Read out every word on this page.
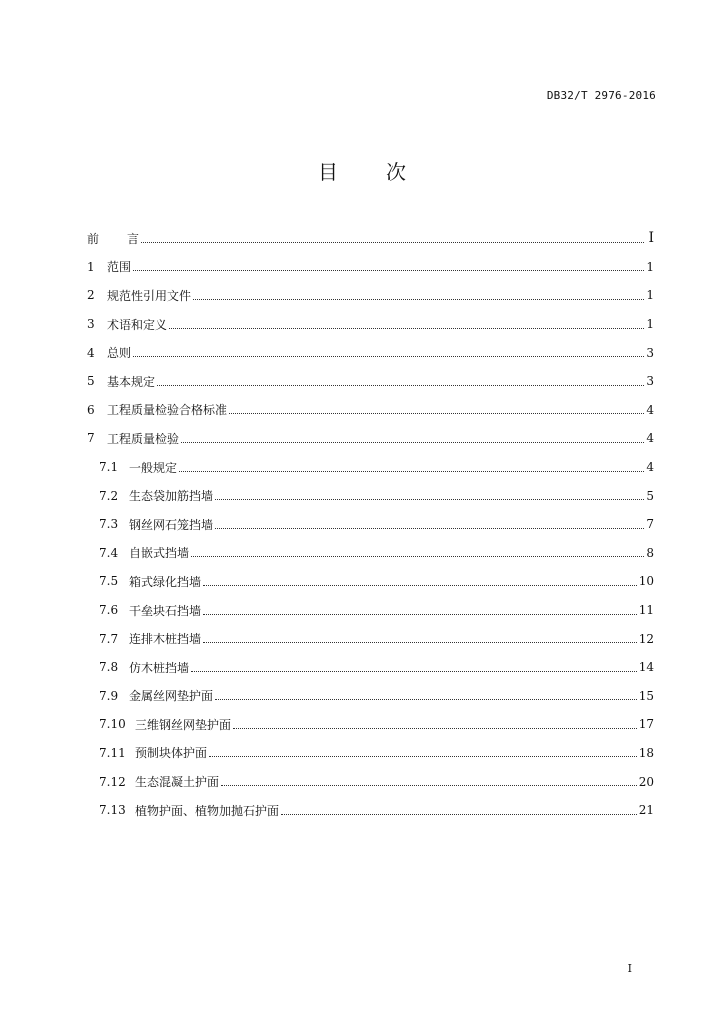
DB32/T 2976-2016
目 次
前	言	I
1	范围	1
2	规范性引用文件	1
3	术语和定义	1
4	总则	3
5	基本规定	3
6	工程质量检验合格标准	4
7	工程质量检验	4
7.1 一般规定	4
7.2 生态袋加筋挡墙	5
7.3 钢丝网石笼挡墙	7
7.4 自嵌式挡墙	8
7.5 箱式绿化挡墙	10
7.6 干垒块石挡墙	11
7.7 连排木桩挡墙	12
7.8 仿木桩挡墙	14
7.9 金属丝网垫护面	15
7.10 三维钢丝网垫护面	17
7.11 预制块体护面	18
7.12 生态混凝土护面	20
7.13 植物护面、植物加抛石护面	21
I
